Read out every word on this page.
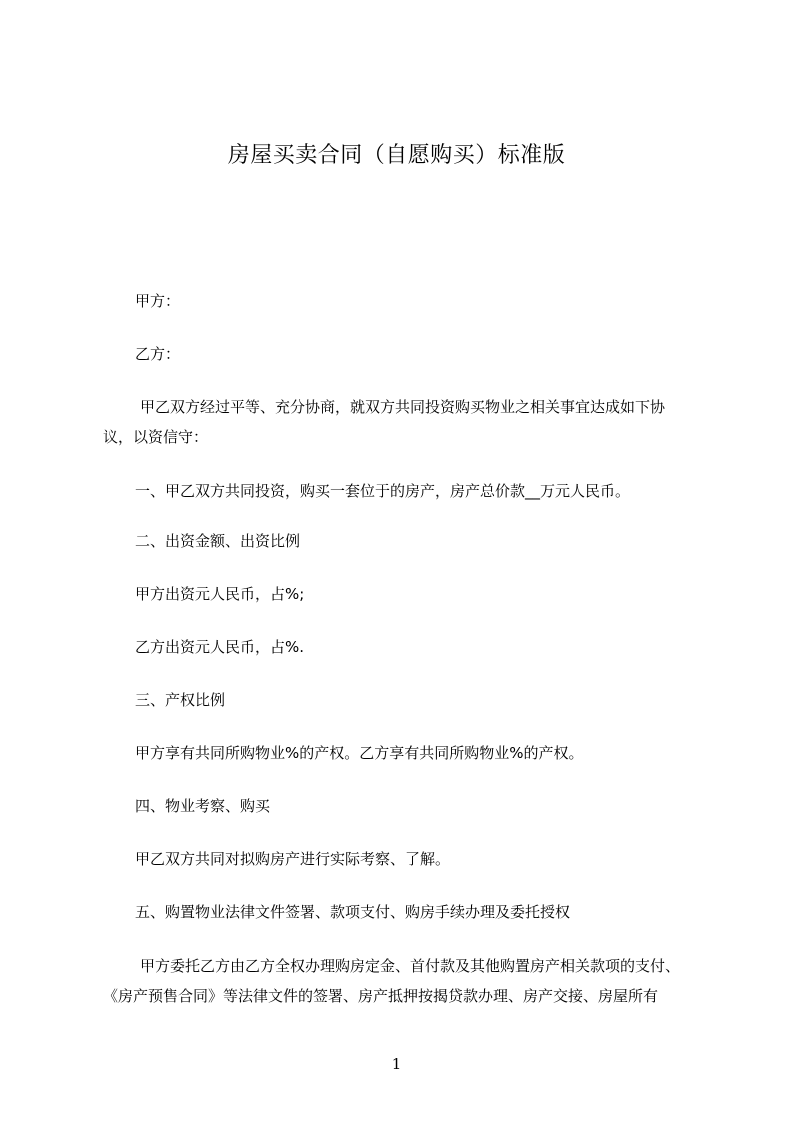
房屋买卖合同（自愿购买）标准版
甲方：
乙方：
甲乙双方经过平等、充分协商，就双方共同投资购买物业之相关事宜达成如下协
议，以资信守：
一、甲乙双方共同投资，购买一套位于的房产，房产总价款__万元人民币。
二、出资金额、出资比例
甲方出资元人民币，占%;
乙方出资元人民币，占%.
三、产权比例
甲方享有共同所购物业%的产权。乙方享有共同所购物业%的产权。
四、物业考察、购买
甲乙双方共同对拟购房产进行实际考察、了解。
五、购置物业法律文件签署、款项支付、购房手续办理及委托授权
甲方委托乙方由乙方全权办理购房定金、首付款及其他购置房产相关款项的支付、
《房产预售合同》等法律文件的签署、房产抵押按揭贷款办理、房产交接、房屋所有
1
